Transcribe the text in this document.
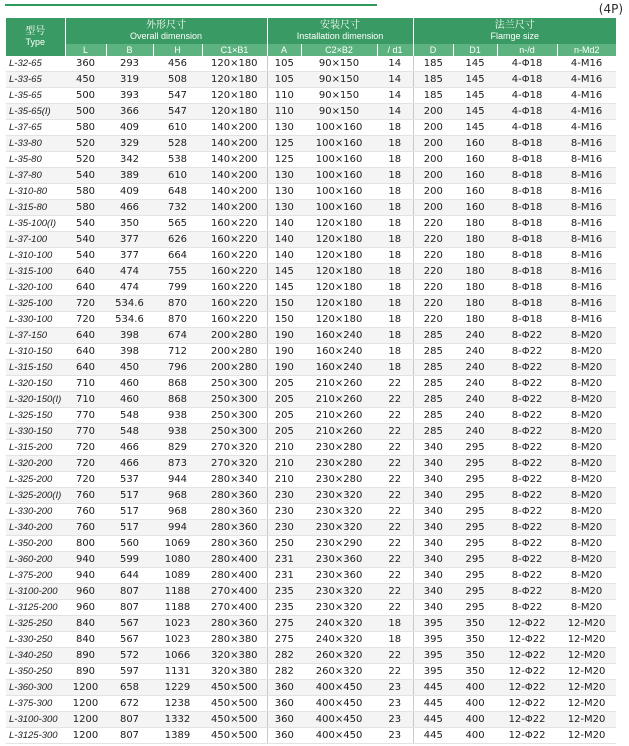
(4P)
型号
Type	外形尺寸
Overall dimension				安装尺寸
Installation dimension			法兰尺寸
Flamge size			

	L	B	H	C1×B1	A	C2×B2	/ d1	D	D1	n-/d	n-Md2
L-32-65	360	293	456	120×180	105	90×150	14	185	145	4-Φ18	4-M16
L-33-65	450	319	508	120×180	105	90×150	14	185	145	4-Φ18	4-M16
L-35-65	500	393	547	120×180	110	90×150	14	185	145	4-Φ18	4-M16
L-35-65(I)	500	366	547	120×180	110	90×150	14	200	145	4-Φ18	4-M16
L-37-65	580	409	610	140×200	130	100×160	18	200	145	4-Φ18	4-M16
L-33-80	520	329	528	140×200	125	100×160	18	200	160	8-Φ18	8-M16
L-35-80	520	342	538	140×200	125	100×160	18	200	160	8-Φ18	8-M16
L-37-80	540	389	610	140×200	130	100×160	18	200	160	8-Φ18	8-M16
L-310-80	580	409	648	140×200	130	100×160	18	200	160	8-Φ18	8-M16
L-315-80	580	466	732	140×200	130	100×160	18	200	160	8-Φ18	8-M16
L-35-100(I)	540	350	565	160×220	140	120×180	18	220	180	8-Φ18	8-M16
L-37-100	540	377	626	160×220	140	120×180	18	220	180	8-Φ18	8-M16
L-310-100	540	377	664	160×220	140	120×180	18	220	180	8-Φ18	8-M16
L-315-100	640	474	755	160×220	145	120×180	18	220	180	8-Φ18	8-M16
L-320-100	640	474	799	160×220	145	120×180	18	220	180	8-Φ18	8-M16
L-325-100	720	534.6	870	160×220	150	120×180	18	220	180	8-Φ18	8-M16
L-330-100	720	534.6	870	160×220	150	120×180	18	220	180	8-Φ18	8-M16
L-37-150	640	398	674	200×280	190	160×240	18	285	240	8-Φ22	8-M20
L-310-150	640	398	712	200×280	190	160×240	18	285	240	8-Φ22	8-M20
L-315-150	640	450	796	200×280	190	160×240	18	285	240	8-Φ22	8-M20
L-320-150	710	460	868	250×300	205	210×260	22	285	240	8-Φ22	8-M20
L-320-150(I)	710	460	868	250×300	205	210×260	22	285	240	8-Φ22	8-M20
L-325-150	770	548	938	250×300	205	210×260	22	285	240	8-Φ22	8-M20
L-330-150	770	548	938	250×300	205	210×260	22	285	240	8-Φ22	8-M20
L-315-200	720	466	829	270×320	210	230×280	22	340	295	8-Φ22	8-M20
L-320-200	720	466	873	270×320	210	230×280	22	340	295	8-Φ22	8-M20
L-325-200	720	537	944	280×340	210	230×280	22	340	295	8-Φ22	8-M20
L-325-200(I)	760	517	968	280×360	230	230×320	22	340	295	8-Φ22	8-M20
L-330-200	760	517	968	280×360	230	230×320	22	340	295	8-Φ22	8-M20
L-340-200	760	517	994	280×360	230	230×320	22	340	295	8-Φ22	8-M20
L-350-200	800	560	1069	280×360	250	230×290	22	340	295	8-Φ22	8-M20
L-360-200	940	599	1080	280×400	231	230×360	22	340	295	8-Φ22	8-M20
L-375-200	940	644	1089	280×400	231	230×360	22	340	295	8-Φ22	8-M20
L-3100-200	960	807	1188	270×400	235	230×320	22	340	295	8-Φ22	8-M20
L-3125-200	960	807	1188	270×400	235	230×320	22	340	295	8-Φ22	8-M20
L-325-250	840	567	1023	280×360	275	240×320	18	395	350	12-Φ22	12-M20
L-330-250	840	567	1023	280×380	275	240×320	18	395	350	12-Φ22	12-M20
L-340-250	890	572	1066	320×380	282	260×320	22	395	350	12-Φ22	12-M20
L-350-250	890	597	1131	320×380	282	260×320	22	395	350	12-Φ22	12-M20
L-360-300	1200	658	1229	450×500	360	400×450	23	445	400	12-Φ22	12-M20
L-375-300	1200	672	1238	450×500	360	400×450	23	445	400	12-Φ22	12-M20
L-3100-300	1200	807	1332	450×500	360	400×450	23	445	400	12-Φ22	12-M20
L-3125-300	1200	807	1389	450×500	360	400×450	23	445	400	12-Φ22	12-M20
